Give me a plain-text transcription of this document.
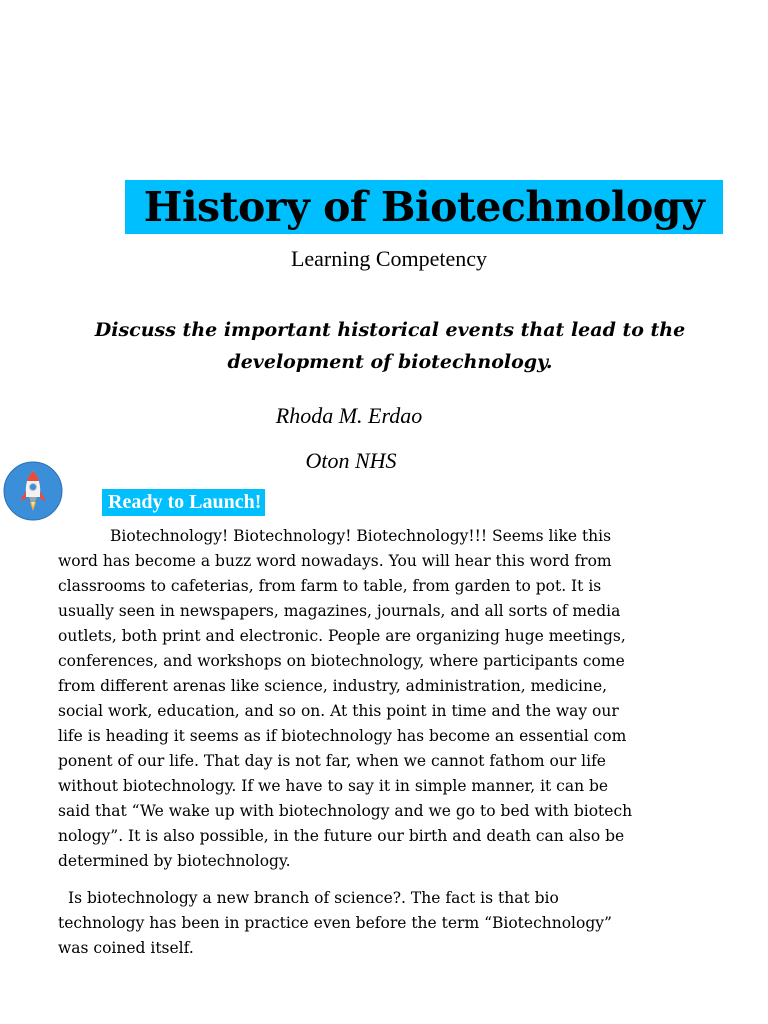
History of Biotechnology
Learning Competency
Discuss the important historical events that lead to the
development of biotechnology.
Rhoda M. Erdao
Oton NHS
Ready to Launch!
Biotechnology! Biotechnology! Biotechnology!!! Seems like this
word has become a buzz word nowadays. You will hear this word from
classrooms to cafeterias, from farm to table, from garden to pot. It is
usually seen in newspapers, magazines, journals, and all sorts of media
outlets, both print and electronic. People are organizing huge meetings,
conferences, and workshops on biotechnology, where participants come
from different arenas like science, industry, administration, medicine,
social work, education, and so on. At this point in time and the way our
life is heading it seems as if biotechnology has become an essential com
ponent of our life. That day is not far, when we cannot fathom our life
without biotechnology. If we have to say it in simple manner, it can be
said that “We wake up with biotechnology and we go to bed with biotech
nology”. It is also possible, in the future our birth and death can also be
determined by biotechnology.
Is biotechnology a new branch of science?. The fact is that bio
technology has been in practice even before the term “Biotechnology”
was coined itself.
